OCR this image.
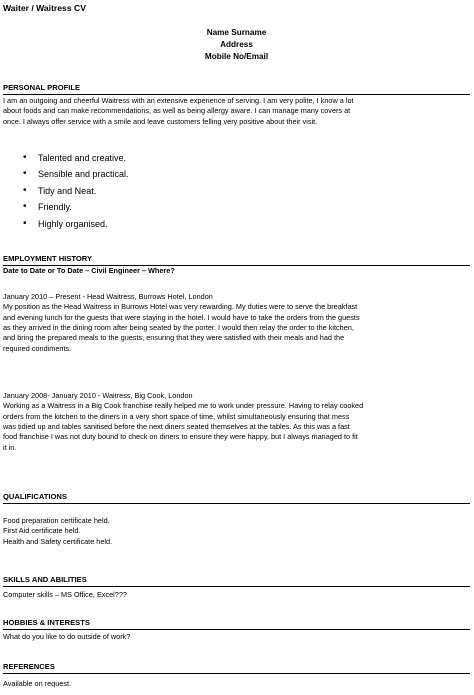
Waiter / Waitress CV
Name Surname
Address
Mobile No/Email
PERSONAL PROFILE
I am an outgoing and cheerful Waitress with an extensive experience of serving. I am very polite, I know a lot
about foods and can make recommendations, as well as being allergy aware. I can manage many covers at
once. I always offer service with a smile and leave customers felling very positive about their visit.
• Talented and creative.
• Sensible and practical.
• Tidy and Neat.
• Friendly.
• Highly organised.
EMPLOYMENT HISTORY
Date to Date or To Date – Civil Engineer – Where?
January 2010 – Present - Head Waitress, Burrows Hotel, London
My position as the Head Waitress in Burrows Hotel was very rewarding. My duties were to serve the breakfast
and evening lunch for the guests that were staying in the hotel. I would have to take the orders from the guests
as they arrived in the dining room after being seated by the porter. I would then relay the order to the kitchen,
and bring the prepared meals to the guests, ensuring that they were satisfied with their meals and had the
required condiments.
January 2008- January 2010 - Waitress, Big Cook, London
Working as a Waitress in a Big Cook franchise really helped me to work under pressure. Having to relay cooked
orders from the kitchen to the diners in a very short space of time, whilst simultaneously ensuring that mess
was tidied up and tables sanitised before the next diners seated themselves at the tables. As this was a fast
food franchise I was not duty bound to check on diners to ensure they were happy, but I always managed to fit
it in.
QUALIFICATIONS
Food preparation certificate held.
First Aid certificate held.
Health and Safety certificate held.
SKILLS AND ABILITIES
Computer skills – MS Office, Excel???
HOBBIES & INTERESTS
What do you like to do outside of work?
REFERENCES
Available on request.
